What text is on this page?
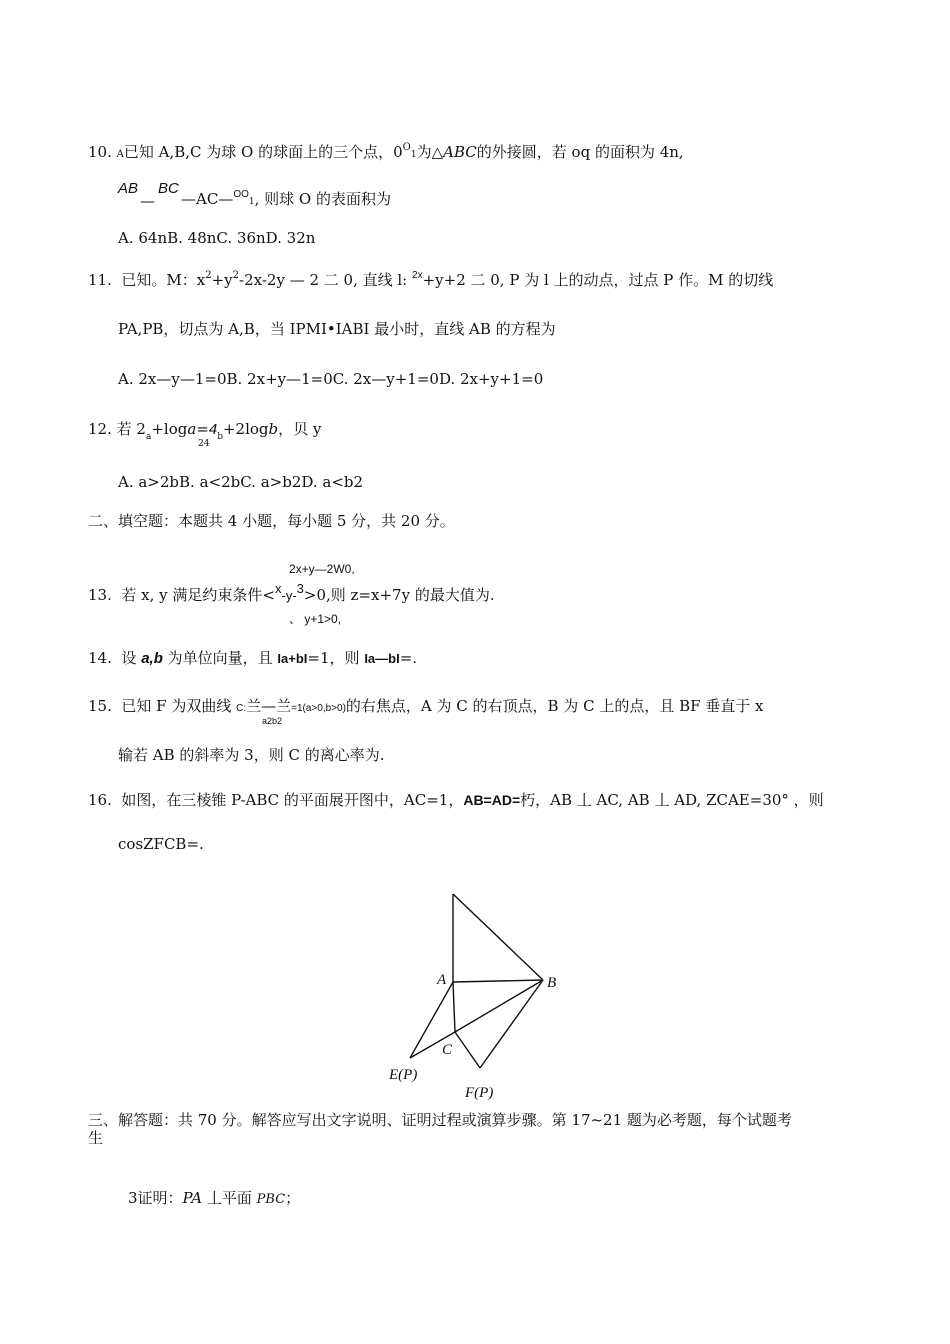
10. A已知 A,B,C 为球 O 的球面上的三个点，$0^O1$为△ABC的外接圆，若 oq 的面积为 4n,
AB
—
BC
—AC—$^{OO}$1, 则球 O 的表面积为
A. 64nB. 48nC. 36nD. 32n
11. 已知。M：$x^2+y^2-2x-2y$ — 2 二 0, 直线 l: $^{2x}$+y+2 二 0, P 为 l 上的动点，过点 P 作。M 的切线
PA,PB，切点为 A,B，当 IPMI•IABI 最小时，直线 AB 的方程为
A. 2x—y—1=0B. 2x+y—1=0C. 2x—y+1=0D. 2x+y+1=0
12. 若 $2_a+\log a=4_b+2\log b$，贝 y
24
A. a>2bB. a<2bC. a>b2D. a<b2
二、填空题：本题共 4 小题，每小题 5 分，共 20 分。
2x+y—2W0,
13. 若 x, y 满足约束条件<x-y-3>0,则 z=x+7y 的最大值为.
、 y+1>0,
14. 设 a,b 为单位向量，且 Ia+bI=1，则 Ia—bI=.
15. 已知 F 为双曲线 C:兰—兰=1(a>0,b>0)的右焦点，A 为 C 的右顶点，B 为 C 上的点，且 BF 垂直于 x
a2b2
输若 AB 的斜率为 3，则 C 的离心率为.
16. 如图，在三棱锥 P-ABC 的平面展开图中，AC=1，AB=AD=朽，AB 丄 AC, AB 丄 AD, ZCAE=30° ，则
cosZFCB=.
A	B
C
E(P)
F(P)
三、解答题：共 70 分。解答应写出文字说明、证明过程或演算步骤。第 17~21 题为必考题，每个试题考
生
3证明：PA 丄平面 PBC；
